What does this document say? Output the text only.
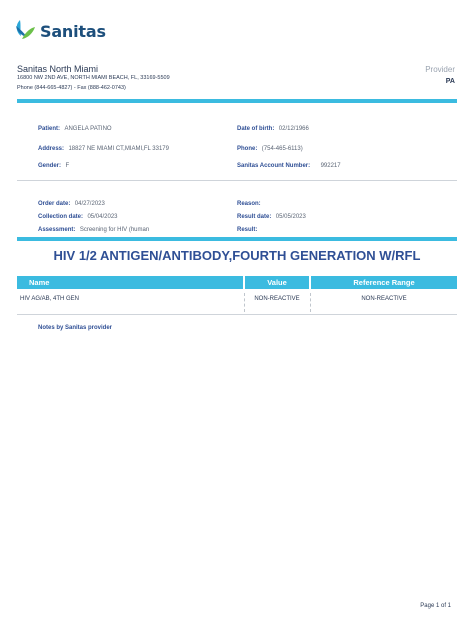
Sanitas
Sanitas North Miami
16800 NW 2ND AVE, NORTH MIAMI BEACH, FL, 33169-5509
Phone (844-665-4827) - Fax (888-462-0743)
Provider
PA
Patient: ANGELA PATINO	Date of birth: 02/12/1966
Address: 18827 NE MIAMI CT,MIAMI,FL 33179	Phone: (754-465-6113)
Gender: F	Sanitas Account Number: 992217
Order date: 04/27/2023	Reason:
Collection date: 05/04/2023	Result date: 05/05/2023
Assessment: Screening for HIV (human	Result:
HIV 1/2 ANTIGEN/ANTIBODY,FOURTH GENERATION W/RFL
Name	Value	Reference Range
HIV AG/AB, 4TH GEN	NON-REACTIVE	NON-REACTIVE
Notes by Sanitas provider
Page 1 of 1
